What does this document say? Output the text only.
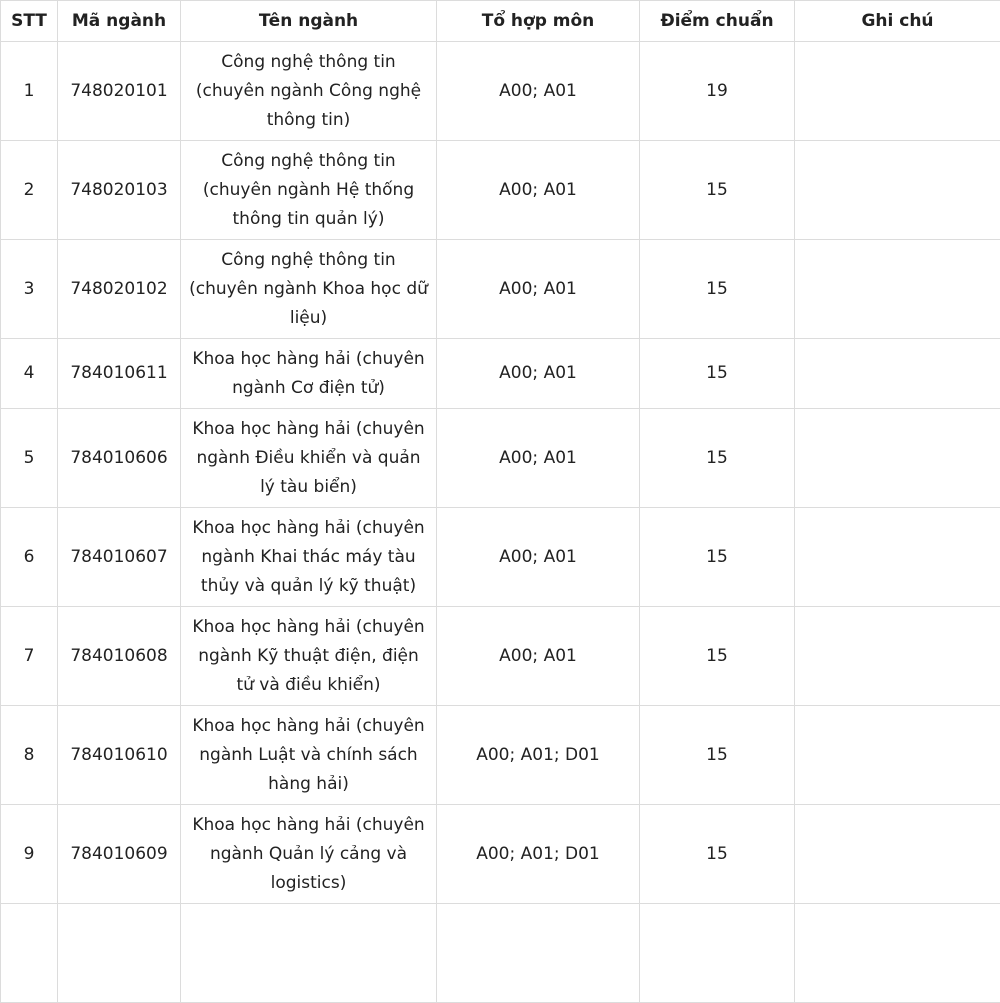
STT	Mã ngành	Tên ngành	Tổ hợp môn	Điểm chuẩn	Ghi chú
1	748020101	Công nghệ thông tin (chuyên ngành Công nghệ thông tin)	A00; A01	19	
2	748020103	Công nghệ thông tin (chuyên ngành Hệ thống thông tin quản lý)	A00; A01	15	
3	748020102	Công nghệ thông tin (chuyên ngành Khoa học dữ liệu)	A00; A01	15	
4	784010611	Khoa học hàng hải (chuyên ngành Cơ điện tử)	A00; A01	15	
5	784010606	Khoa học hàng hải (chuyên ngành Điều khiển và quản lý tàu biển)	A00; A01	15	
6	784010607	Khoa học hàng hải (chuyên ngành Khai thác máy tàu thủy và quản lý kỹ thuật)	A00; A01	15	
7	784010608	Khoa học hàng hải (chuyên ngành Kỹ thuật điện, điện tử và điều khiển)	A00; A01	15	
8	784010610	Khoa học hàng hải (chuyên ngành Luật và chính sách hàng hải)	A00; A01; D01	15	
9	784010609	Khoa học hàng hải (chuyên ngành Quản lý cảng và logistics)	A00; A01; D01	15	
